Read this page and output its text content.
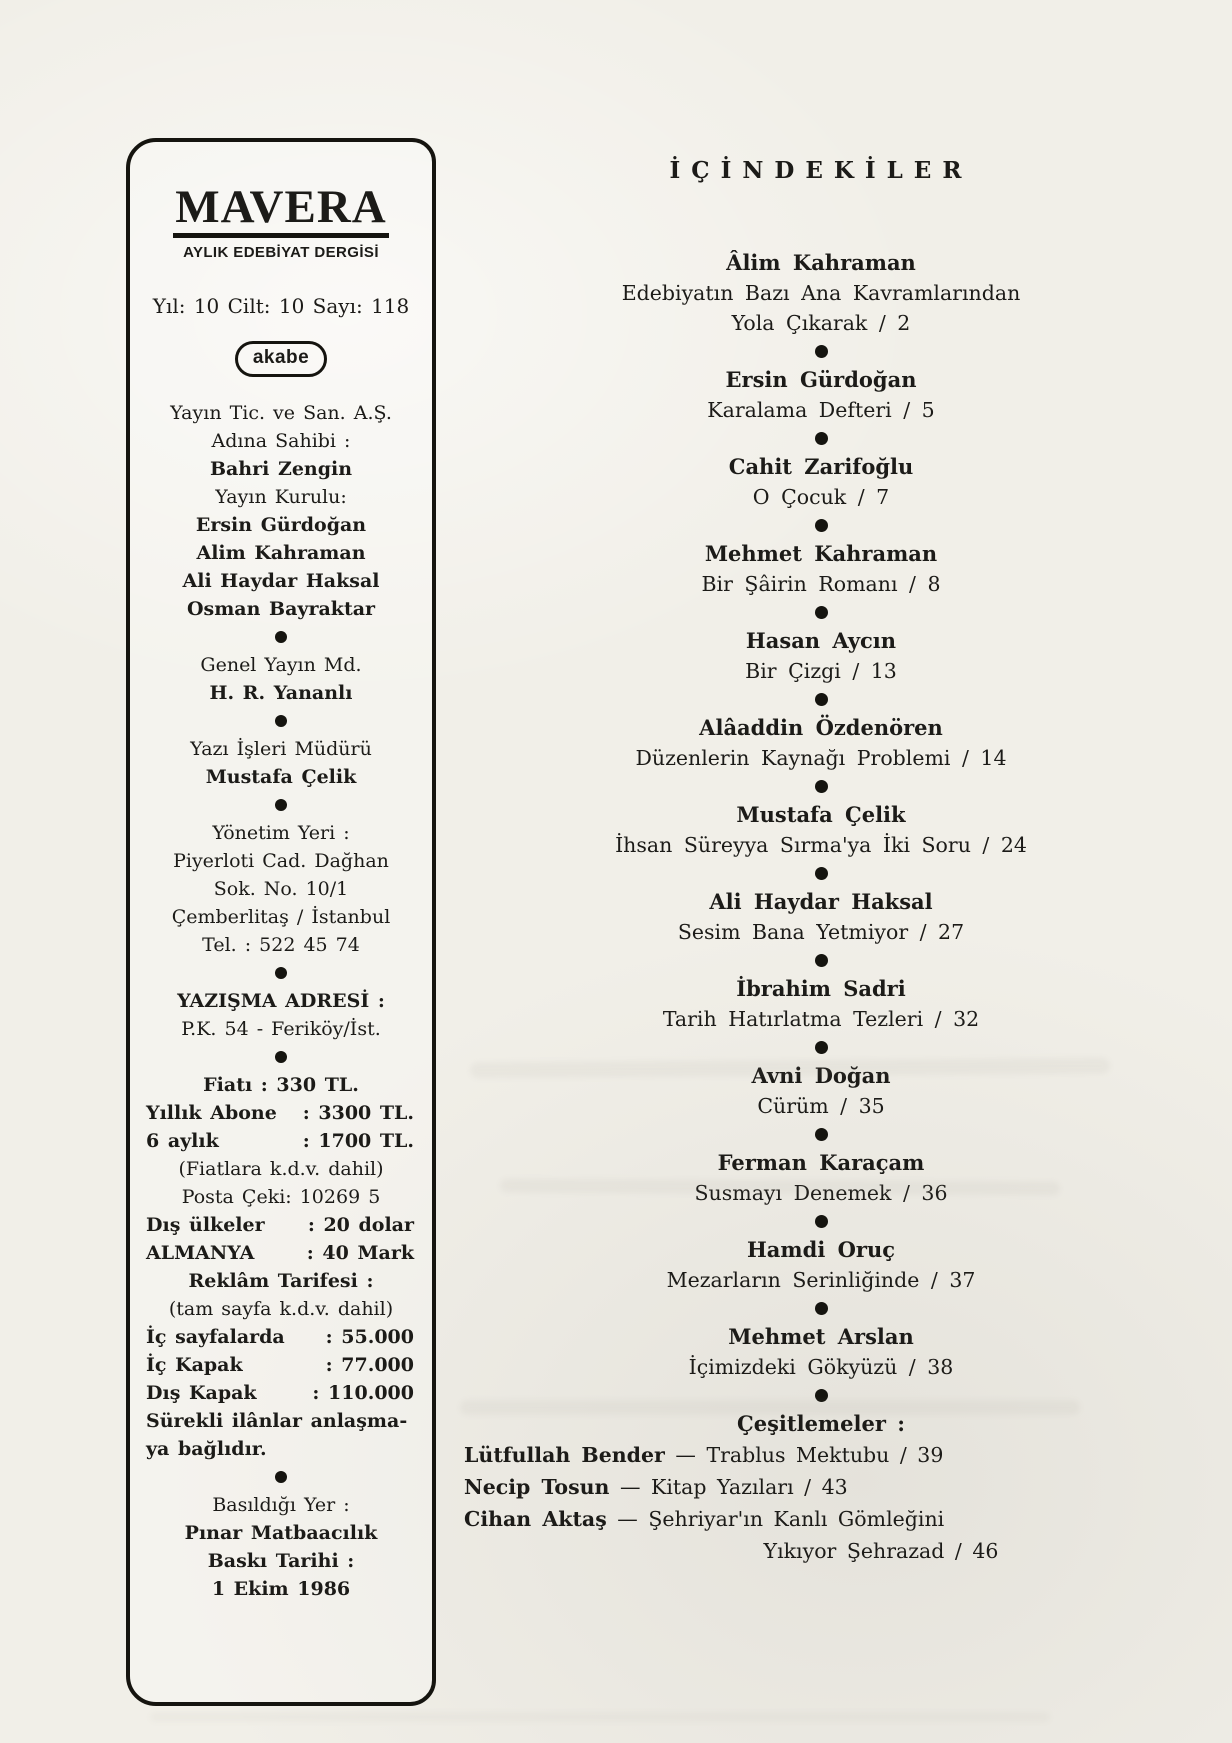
MAVERA
AYLIK EDEBİYAT DERGİSİ
Yıl: 10 Cilt: 10 Sayı: 118
akabe
Yayın Tic. ve San. A.Ş.
Adına Sahibi :
Bahri Zengin
Yayın Kurulu:
Ersin Gürdoğan
Alim Kahraman
Ali Haydar Haksal
Osman Bayraktar
Genel Yayın Md.
H. R. Yananlı
Yazı İşleri Müdürü
Mustafa Çelik
Yönetim Yeri :
Piyerloti Cad. Dağhan
Sok. No. 10/1
Çemberlitaş / İstanbul
Tel. : 522 45 74
YAZIŞMA ADRESİ :
P.K. 54 - Feriköy/İst.
Fiatı : 330 TL.
Yıllık Abone : 3300 TL.
6 aylık	: 1700 TL.
(Fiatlara k.d.v. dahil)
Posta Çeki: 10269 5
Dış ülkeler : 20 dolar
ALMANYA	: 40 Mark
Reklâm Tarifesi :
(tam sayfa k.d.v. dahil)
İç sayfalarda : 55.000
İç Kapak	: 77.000
Dış Kapak	: 110.000
Sürekli ilânlar anlaşma-
ya bağlıdır.
Basıldığı Yer :
Pınar Matbaacılık
Baskı Tarihi :
1 Ekim 1986
İÇİNDEKİLER
Âlim Kahraman
Edebiyatın Bazı Ana Kavramlarından
Yola Çıkarak / 2
Ersin Gürdoğan
Karalama Defteri / 5
Cahit Zarifoğlu
O Çocuk / 7
Mehmet Kahraman
Bir Şâirin Romanı / 8
Hasan Aycın
Bir Çizgi / 13
Alâaddin Özdenören
Düzenlerin Kaynağı Problemi / 14
Mustafa Çelik
İhsan Süreyya Sırma'ya İki Soru / 24
Ali Haydar Haksal
Sesim Bana Yetmiyor / 27
İbrahim Sadri
Tarih Hatırlatma Tezleri / 32
Avni Doğan
Cürüm / 35
Ferman Karaçam
Susmayı Denemek / 36
Hamdi Oruç
Mezarların Serinliğinde / 37
Mehmet Arslan
İçimizdeki Gökyüzü / 38
Çeşitlemeler :
Lütfullah Bender — Trablus Mektubu / 39
Necip Tosun — Kitap Yazıları / 43
Cihan Aktaş — Şehriyar'ın Kanlı Gömleğini
Yıkıyor Şehrazad / 46
